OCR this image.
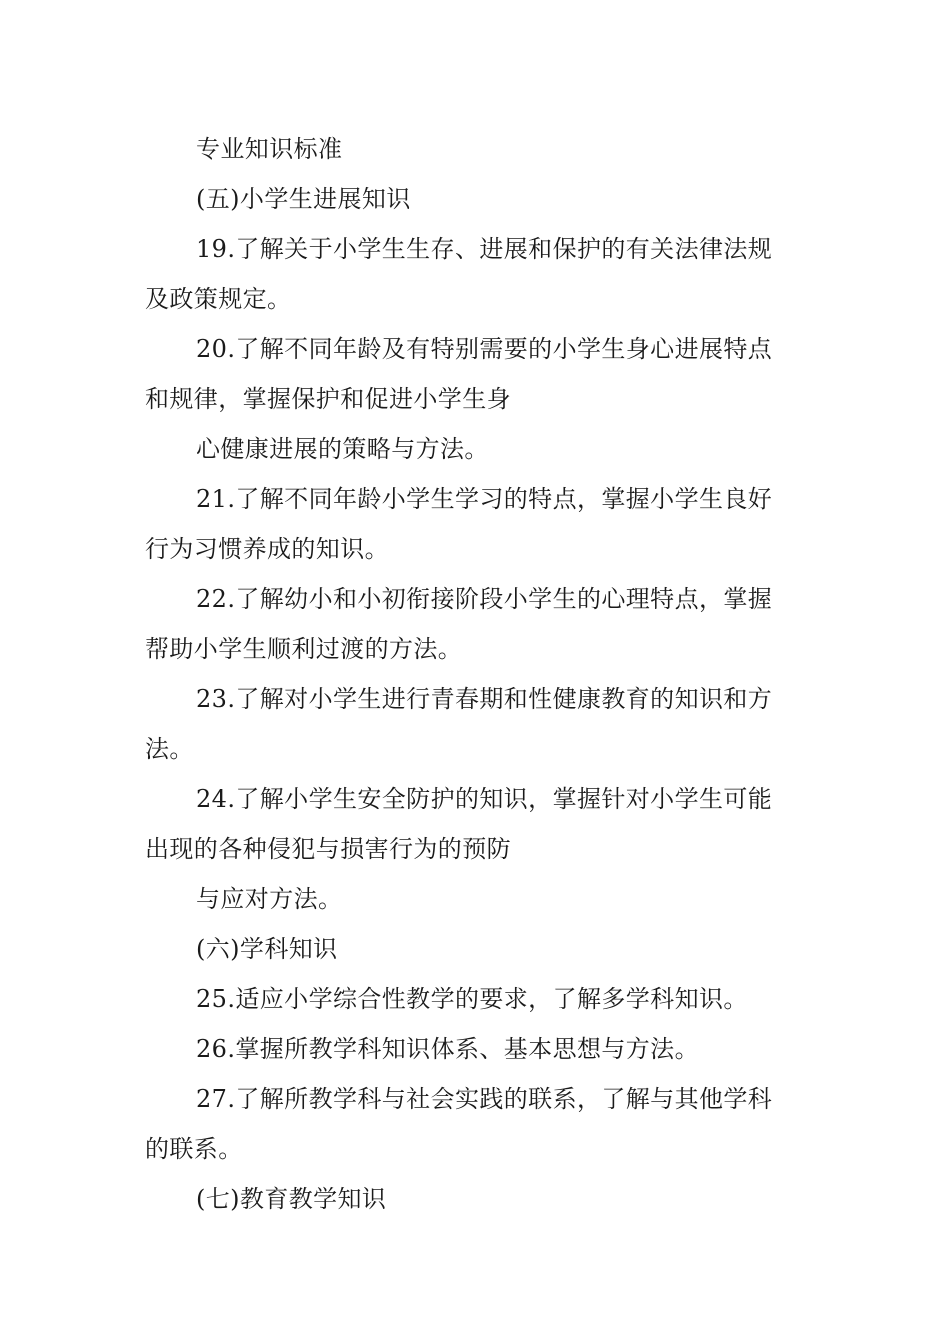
专业知识标准
(五)小学生进展知识
19.了解关于小学生生存、进展和保护的有关法律法规
及政策规定。
20.了解不同年龄及有特别需要的小学生身心进展特点
和规律，掌握保护和促进小学生身
心健康进展的策略与方法。
21.了解不同年龄小学生学习的特点，掌握小学生良好
行为习惯养成的知识。
22.了解幼小和小初衔接阶段小学生的心理特点，掌握
帮助小学生顺利过渡的方法。
23.了解对小学生进行青春期和性健康教育的知识和方
法。
24.了解小学生安全防护的知识，掌握针对小学生可能
出现的各种侵犯与损害行为的预防
与应对方法。
(六)学科知识
25.适应小学综合性教学的要求，了解多学科知识。
26.掌握所教学科知识体系、基本思想与方法。
27.了解所教学科与社会实践的联系，了解与其他学科
的联系。
(七)教育教学知识
